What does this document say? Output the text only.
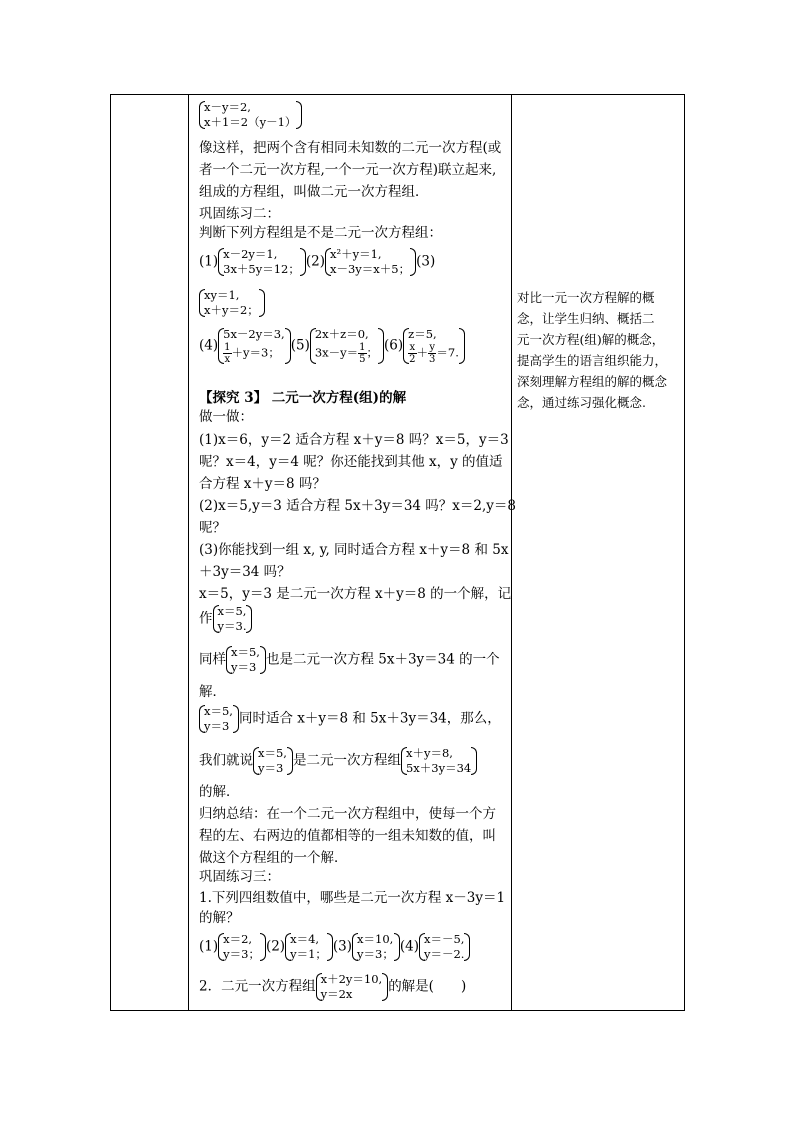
x－y＝2,
x＋1＝2（y－1）
像这样，把两个含有相同未知数的二元一次方程(或
者一个二元一次方程,一个一元一次方程)联立起来,
组成的方程组，叫做二元一次方程组．
巩固练习二：
判断下列方程组是不是二元一次方程组：
(1) x－2y＝1,
3x＋5y＝12； (2) x²＋y＝1,
x－3y＝x＋5； (3)
xy＝1,
x＋y＝2；
(4)
5x－2y＝3,
$\frac{1}{x} +y=3$； (5)
2x＋z＝0,
$3x-y= \frac{1}{5}$ ； (6)
z＝5,
$\frac{x}{2} + \frac{y}{3} =7$.
【探究 3】 二元一次方程(组)的解
做一做：
(1)x＝6，y＝2 适合方程 x＋y＝8 吗？x＝5，y＝3
呢？x＝4，y＝4 呢？你还能找到其他 x，y 的值适
合方程 x＋y＝8 吗？
(2)x＝5,y＝3 适合方程 5x＋3y＝34 吗？x＝2,y＝8
呢？
(3)你能找到一组 x, y, 同时适合方程 x＋y＝8 和 5x
＋3y＝34 吗？
x＝5，y＝3 是二元一次方程 x＋y＝8 的一个解，记
作 x＝5,
y＝3.
同样 x＝5,
y＝3 也是二元一次方程 5x＋3y＝34 的一个
解．
x＝5,
y＝3 同时适合 x＋y＝8 和 5x＋3y＝34，那么，
我们就说 x＝5,
y＝3 是二元一次方程组 x＋y＝8,
5x＋3y＝34
的解．
归纳总结：在一个二元一次方程组中，使每一个方
程的左、右两边的值都相等的一组未知数的值，叫
做这个方程组的一个解．
巩固练习三：
1.下列四组数值中，哪些是二元一次方程 x－3y＝1
的解？
(1) x＝2,
y＝3； (2) x＝4,
y＝1； (3) x＝10,
y＝3； (4) x＝－5,
y＝－2.
2．二元一次方程组 x＋2y＝10,
y＝2x	的解是(　　)
对比一元一次方程解的概
念，让学生归纳、概括二
元一次方程(组)解的概念，
提高学生的语言组织能力，
深刻理解方程组的解的概念
念，通过练习强化概念.
